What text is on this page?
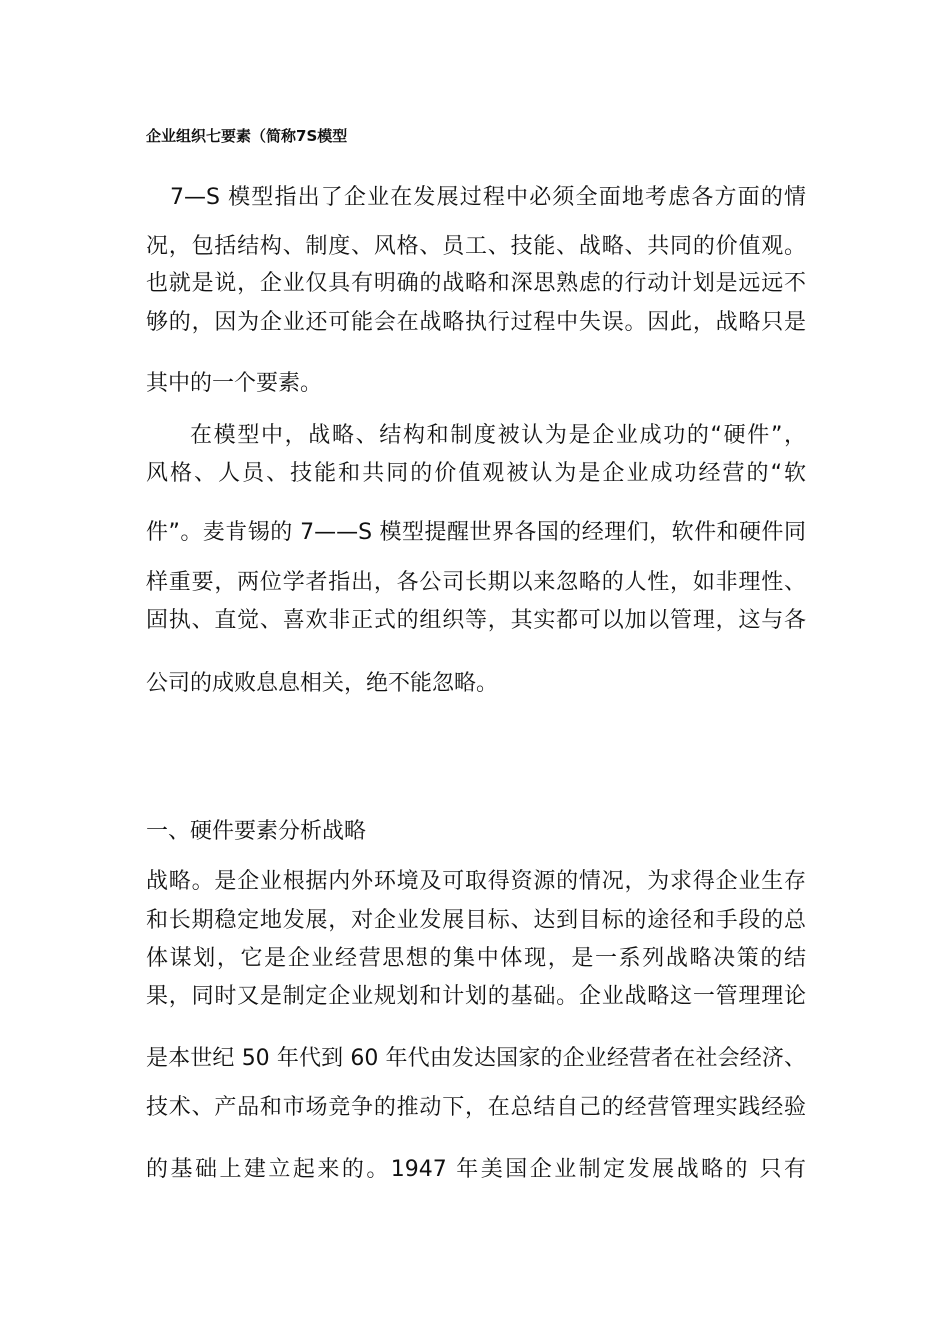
企业组织七要素（简称7S模型
7—S 模型指出了企业在发展过程中必须全面地考虑各方面的情
况，包括结构、制度、风格、员工、技能、战略、共同的价值观。
也就是说，企业仅具有明确的战略和深思熟虑的行动计划是远远不
够的，因为企业还可能会在战略执行过程中失误。因此，战略只是
其中的一个要素。
在模型中，战略、结构和制度被认为是企业成功的“硬件”，
风格、人员、技能和共同的价值观被认为是企业成功经营的“软
件”。麦肯锡的 7——S 模型提醒世界各国的经理们，软件和硬件同
样重要，两位学者指出，各公司长期以来忽略的人性，如非理性、
固执、直觉、喜欢非正式的组织等，其实都可以加以管理，这与各
公司的成败息息相关，绝不能忽略。
一、硬件要素分析战略
战略。是企业根据内外环境及可取得资源的情况，为求得企业生存
和长期稳定地发展，对企业发展目标、达到目标的途径和手段的总
体谋划，它是企业经营思想的集中体现，是一系列战略决策的结
果，同时又是制定企业规划和计划的基础。企业战略这一管理理论
是本世纪 50 年代到 60 年代由发达国家的企业经营者在社会经济、
技术、产品和市场竞争的推动下，在总结自己的经营管理实践经验
的基础上建立起来的。1947 年美国企业制定发展战略的 只有
